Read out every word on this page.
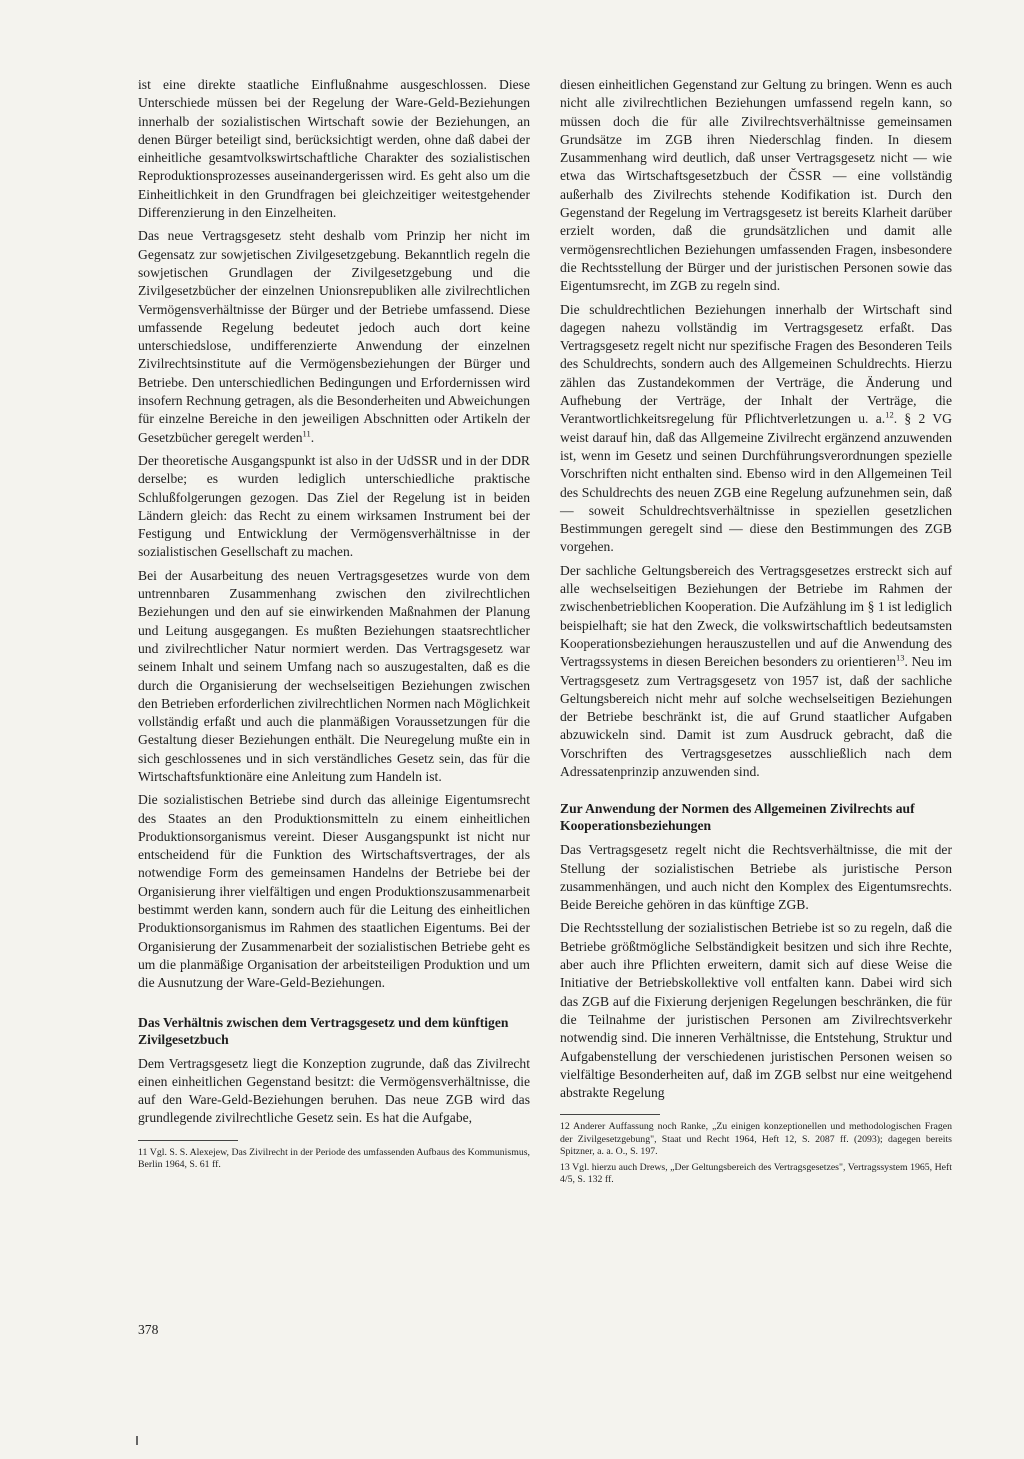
ist eine direkte staatliche Einflußnahme ausgeschlossen. Diese Unterschiede müssen bei der Regelung der Ware-Geld-Beziehungen innerhalb der sozialistischen Wirtschaft sowie der Beziehungen, an denen Bürger beteiligt sind, berücksichtigt werden, ohne daß dabei der einheitliche gesamtvolkswirtschaftliche Charakter des sozialistischen Reproduktionsprozesses auseinandergerissen wird. Es geht also um die Einheitlichkeit in den Grundfragen bei gleichzeitiger weitestgehender Differenzierung in den Einzelheiten.

Das neue Vertragsgesetz steht deshalb vom Prinzip her nicht im Gegensatz zur sowjetischen Zivilgesetzgebung. Bekanntlich regeln die sowjetischen Grundlagen der Zivilgesetzgebung und die Zivilgesetzbücher der einzelnen Unionsrepubliken alle zivilrechtlichen Vermögensverhältnisse der Bürger und der Betriebe umfassend. Diese umfassende Regelung bedeutet jedoch auch dort keine unterschiedslose, undifferenzierte Anwendung der einzelnen Zivilrechtsinstitute auf die Vermögensbeziehungen der Bürger und Betriebe. Den unterschiedlichen Bedingungen und Erfordernissen wird insofern Rechnung getragen, als die Besonderheiten und Abweichungen für einzelne Bereiche in den jeweiligen Abschnitten oder Artikeln der Gesetzbücher geregelt werden$^{11}$.

Der theoretische Ausgangspunkt ist also in der UdSSR und in der DDR derselbe; es wurden lediglich unterschiedliche praktische Schlußfolgerungen gezogen. Das Ziel der Regelung ist in beiden Ländern gleich: das Recht zu einem wirksamen Instrument bei der Festigung und Entwicklung der Vermögensverhältnisse in der sozialistischen Gesellschaft zu machen.

Bei der Ausarbeitung des neuen Vertragsgesetzes wurde von dem untrennbaren Zusammenhang zwischen den zivilrechtlichen Beziehungen und den auf sie einwirkenden Maßnahmen der Planung und Leitung ausgegangen. Es mußten Beziehungen staatsrechtlicher und zivilrechtlicher Natur normiert werden. Das Vertragsgesetz war seinem Inhalt und seinem Umfang nach so auszugestalten, daß es die durch die Organisierung der wechselseitigen Beziehungen zwischen den Betrieben erforderlichen zivilrechtlichen Normen nach Möglichkeit vollständig erfaßt und auch die planmäßigen Voraussetzungen für die Gestaltung dieser Beziehungen enthält. Die Neuregelung mußte ein in sich geschlossenes und in sich verständliches Gesetz sein, das für die Wirtschaftsfunktionäre eine Anleitung zum Handeln ist.

Die sozialistischen Betriebe sind durch das alleinige Eigentumsrecht des Staates an den Produktionsmitteln zu einem einheitlichen Produktionsorganismus vereint. Dieser Ausgangspunkt ist nicht nur entscheidend für die Funktion des Wirtschaftsvertrages, der als notwendige Form des gemeinsamen Handelns der Betriebe bei der Organisierung ihrer vielfältigen und engen Produktionszusammenarbeit bestimmt werden kann, sondern auch für die Leitung des einheitlichen Produktionsorganismus im Rahmen des staatlichen Eigentums. Bei der Organisierung der Zusammenarbeit der sozialistischen Betriebe geht es um die planmäßige Organisation der arbeitsteiligen Produktion und um die Ausnutzung der Ware-Geld-Beziehungen.

Das Verhältnis zwischen dem Vertragsgesetz und dem künftigen Zivilgesetzbuch

Dem Vertragsgesetz liegt die Konzeption zugrunde, daß das Zivilrecht einen einheitlichen Gegenstand besitzt: die Vermögensverhältnisse, die auf den Ware-Geld-Beziehungen beruhen. Das neue ZGB wird das grundlegende zivilrechtliche Gesetz sein. Es hat die Aufgabe,

11 Vgl. S. S. Alexejew, Das Zivilrecht in der Periode des umfassenden Aufbaus des Kommunismus, Berlin 1964, S. 61 ff.

diesen einheitlichen Gegenstand zur Geltung zu bringen. Wenn es auch nicht alle zivilrechtlichen Beziehungen umfassend regeln kann, so müssen doch die für alle Zivilrechtsverhältnisse gemeinsamen Grundsätze im ZGB ihren Niederschlag finden. In diesem Zusammenhang wird deutlich, daß unser Vertragsgesetz nicht — wie etwa das Wirtschaftsgesetzbuch der ČSSR — eine vollständig außerhalb des Zivilrechts stehende Kodifikation ist. Durch den Gegenstand der Regelung im Vertragsgesetz ist bereits Klarheit darüber erzielt worden, daß die grundsätzlichen und damit alle vermögensrechtlichen Beziehungen umfassenden Fragen, insbesondere die Rechtsstellung der Bürger und der juristischen Personen sowie das Eigentumsrecht, im ZGB zu regeln sind.

Die schuldrechtlichen Beziehungen innerhalb der Wirtschaft sind dagegen nahezu vollständig im Vertragsgesetz erfaßt. Das Vertragsgesetz regelt nicht nur spezifische Fragen des Besonderen Teils des Schuldrechts, sondern auch des Allgemeinen Schuldrechts. Hierzu zählen das Zustandekommen der Verträge, die Änderung und Aufhebung der Verträge, der Inhalt der Verträge, die Verantwortlichkeitsregelung für Pflichtverletzungen u. a.$^{12}$. § 2 VG weist darauf hin, daß das Allgemeine Zivilrecht ergänzend anzuwenden ist, wenn im Gesetz und seinen Durchführungsverordnungen spezielle Vorschriften nicht enthalten sind. Ebenso wird in den Allgemeinen Teil des Schuldrechts des neuen ZGB eine Regelung aufzunehmen sein, daß — soweit Schuldrechtsverhältnisse in speziellen gesetzlichen Bestimmungen geregelt sind — diese den Bestimmungen des ZGB vorgehen.

Der sachliche Geltungsbereich des Vertragsgesetzes erstreckt sich auf alle wechselseitigen Beziehungen der Betriebe im Rahmen der zwischenbetrieblichen Kooperation. Die Aufzählung im § 1 ist lediglich beispielhaft; sie hat den Zweck, die volkswirtschaftlich bedeutsamsten Kooperationsbeziehungen herauszustellen und auf die Anwendung des Vertragssystems in diesen Bereichen besonders zu orientieren$^{13}$. Neu im Vertragsgesetz zum Vertragsgesetz von 1957 ist, daß der sachliche Geltungsbereich nicht mehr auf solche wechselseitigen Beziehungen der Betriebe beschränkt ist, die auf Grund staatlicher Aufgaben abzuwickeln sind. Damit ist zum Ausdruck gebracht, daß die Vorschriften des Vertragsgesetzes ausschließlich nach dem Adressatenprinzip anzuwenden sind.

Zur Anwendung der Normen des Allgemeinen Zivilrechts auf Kooperationsbeziehungen

Das Vertragsgesetz regelt nicht die Rechtsverhältnisse, die mit der Stellung der sozialistischen Betriebe als juristische Person zusammenhängen, und auch nicht den Komplex des Eigentumsrechts. Beide Bereiche gehören in das künftige ZGB.

Die Rechtsstellung der sozialistischen Betriebe ist so zu regeln, daß die Betriebe größtmögliche Selbständigkeit besitzen und sich ihre Rechte, aber auch ihre Pflichten erweitern, damit sich auf diese Weise die Initiative der Betriebskollektive voll entfalten kann. Dabei wird sich das ZGB auf die Fixierung derjenigen Regelungen beschränken, die für die Teilnahme der juristischen Personen am Zivilrechtsverkehr notwendig sind. Die inneren Verhältnisse, die Entstehung, Struktur und Aufgabenstellung der verschiedenen juristischen Personen weisen so vielfältige Besonderheiten auf, daß im ZGB selbst nur eine weitgehend abstrakte Regelung

12 Anderer Auffassung noch Ranke, „Zu einigen konzeptionellen und methodologischen Fragen der Zivilgesetzgebung", Staat und Recht 1964, Heft 12, S. 2087 ff. (2093); dagegen bereits Spitzner, a. a. O., S. 197.

13 Vgl. hierzu auch Drews, „Der Geltungsbereich des Vertragsgesetzes", Vertragssystem 1965, Heft 4/5, S. 132 ff.

378
